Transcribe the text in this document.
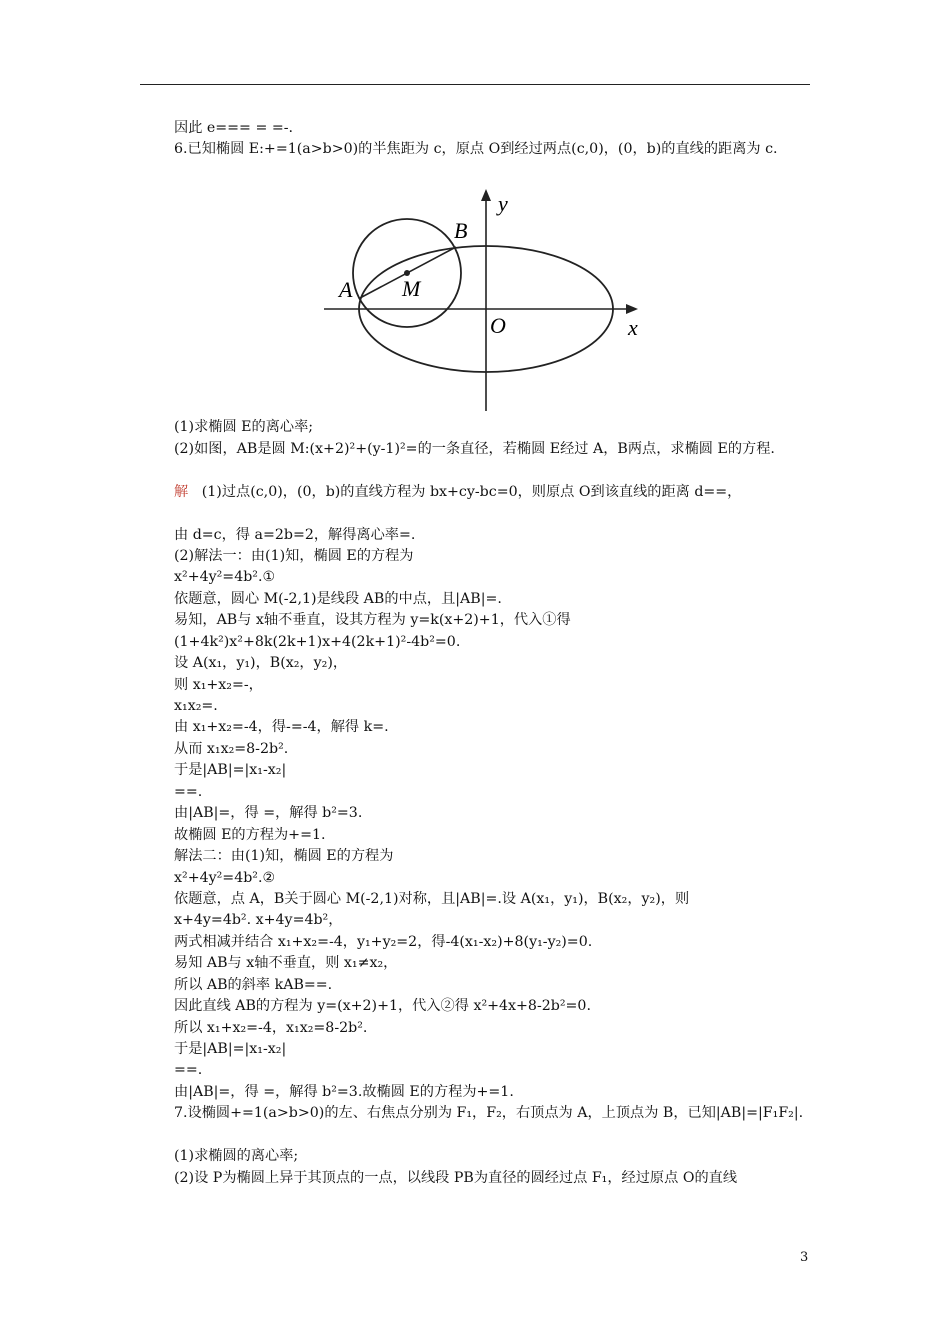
因此 e=== = =-.
6.已知椭圆 E:+=1(a>b>0)的半焦距为 c，原点 O到经过两点(c,0)，(0，b)的直线的距离为 c.
y
x
O
A
B
M
(1)求椭圆 E的离心率;
(2)如图，AB是圆 M:(x+2)²+(y-1)²=的一条直径，若椭圆 E经过 A，B两点，求椭圆 E的方程.
解 (1)过点(c,0)，(0，b)的直线方程为 bx+cy-bc=0，则原点 O到该直线的距离 d==，
由 d=c，得 a=2b=2，解得离心率=.
(2)解法一：由(1)知，椭圆 E的方程为
x²+4y²=4b².①
依题意，圆心 M(-2,1)是线段 AB的中点，且|AB|=.
易知，AB与 x轴不垂直，设其方程为 y=k(x+2)+1，代入①得
(1+4k²)x²+8k(2k+1)x+4(2k+1)²-4b²=0.
设 A(x₁，y₁)，B(x₂，y₂)，
则 x₁+x₂=-，
x₁x₂=.
由 x₁+x₂=-4，得-=-4，解得 k=.
从而 x₁x₂=8-2b².
于是|AB|=|x₁-x₂|
==.
由|AB|=，得 =，解得 b²=3.
故椭圆 E的方程为+=1.
解法二：由(1)知，椭圆 E的方程为
x²+4y²=4b².②
依题意，点 A，B关于圆心 M(-2,1)对称，且|AB|=.设 A(x₁，y₁)，B(x₂，y₂)，则
x+4y=4b². x+4y=4b²，
两式相减并结合 x₁+x₂=-4，y₁+y₂=2，得-4(x₁-x₂)+8(y₁-y₂)=0.
易知 AB与 x轴不垂直，则 x₁≠x₂，
所以 AB的斜率 kAB==.
因此直线 AB的方程为 y=(x+2)+1，代入②得 x²+4x+8-2b²=0.
所以 x₁+x₂=-4，x₁x₂=8-2b².
于是|AB|=|x₁-x₂|
==.
由|AB|=，得 =，解得 b²=3.故椭圆 E的方程为+=1.
7.设椭圆+=1(a>b>0)的左、右焦点分别为 F₁，F₂，右顶点为 A，上顶点为 B，已知|AB|=|F₁F₂|.
(1)求椭圆的离心率;
(2)设 P为椭圆上异于其顶点的一点，以线段 PB为直径的圆经过点 F₁，经过原点 O的直线
3
